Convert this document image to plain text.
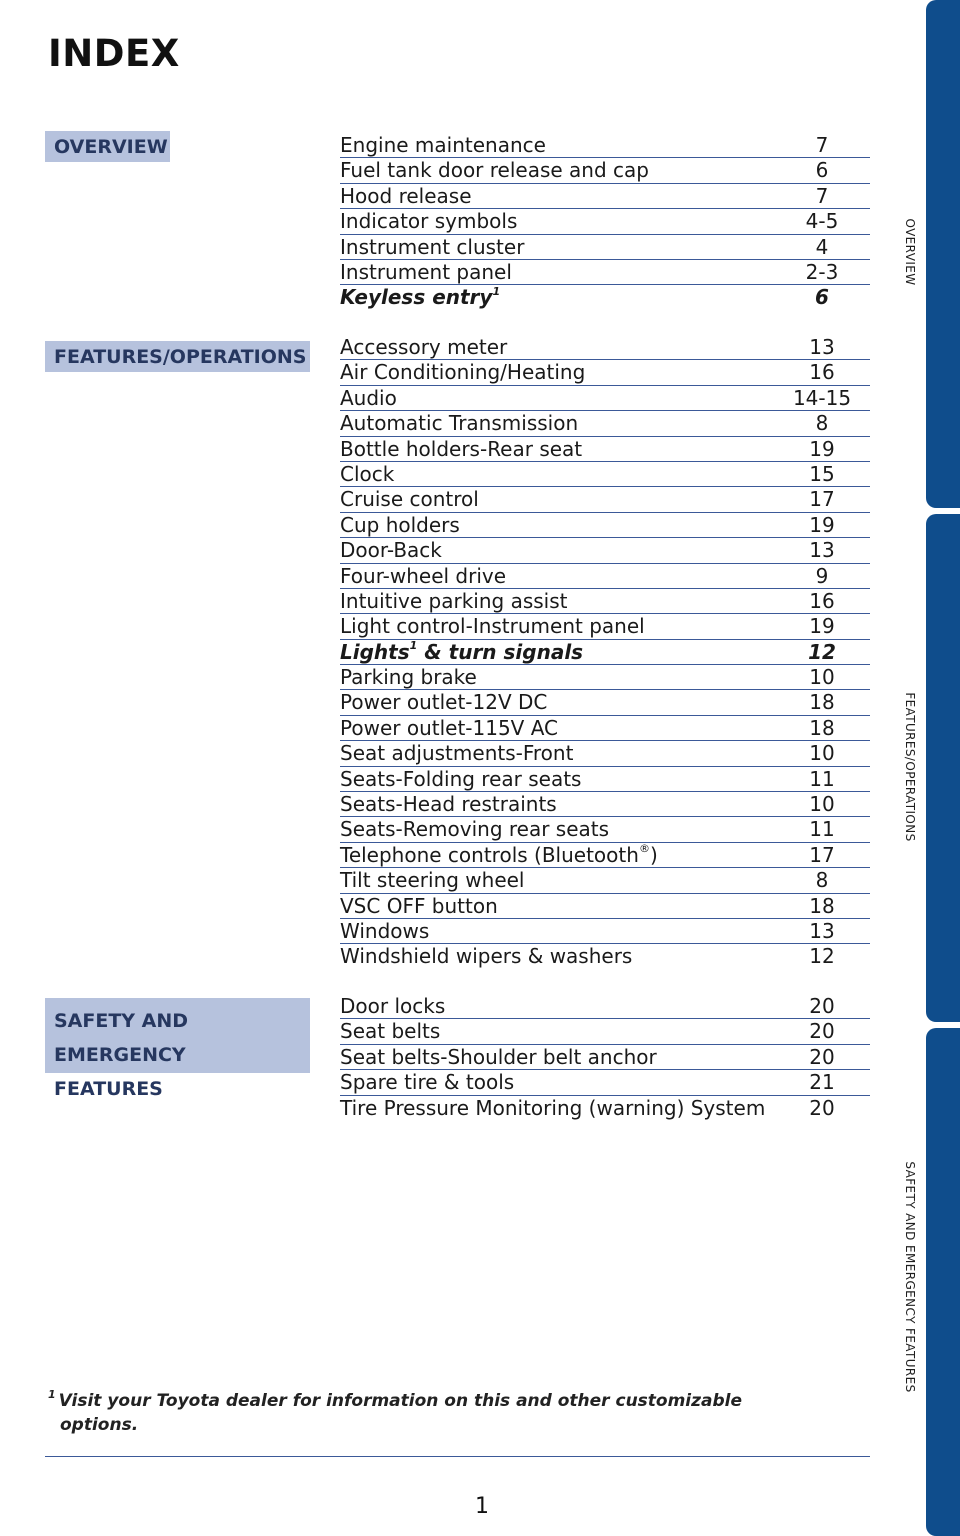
INDEX
OVERVIEW
FEATURES/OPERATIONS
SAFETY AND
EMERGENCY FEATURES
Engine maintenance	7
Fuel tank door release and cap	6
Hood release	7
Indicator symbols	4-5
Instrument cluster	4
Instrument panel	2-3
Keyless entry$^1$	6
Accessory meter	13
Air Conditioning/Heating	16
Audio	14-15
Automatic Transmission	8
Bottle holders-Rear seat	19
Clock	15
Cruise control	17
Cup holders	19
Door-Back	13
Four-wheel drive	9
Intuitive parking assist	16
Light control-Instrument panel	19
Lights$^1$ & turn signals	12
Parking brake	10
Power outlet-12V DC	18
Power outlet-115V AC	18
Seat adjustments-Front	10
Seats-Folding rear seats	11
Seats-Head restraints	10
Seats-Removing rear seats	11
Telephone controls (Bluetooth®)	17
Tilt steering wheel	8
VSC OFF button	18
Windows	13
Windshield wipers & washers	12
Door locks	20
Seat belts	20
Seat belts-Shoulder belt anchor	20
Spare tire & tools	21
Tire Pressure Monitoring (warning) System	20
$^1$ Visit your Toyota dealer for information on this and other customizable
options.
1
OVERVIEW
FEATURES/OPERATIONS
SAFETY AND EMERGENCY FEATURES
